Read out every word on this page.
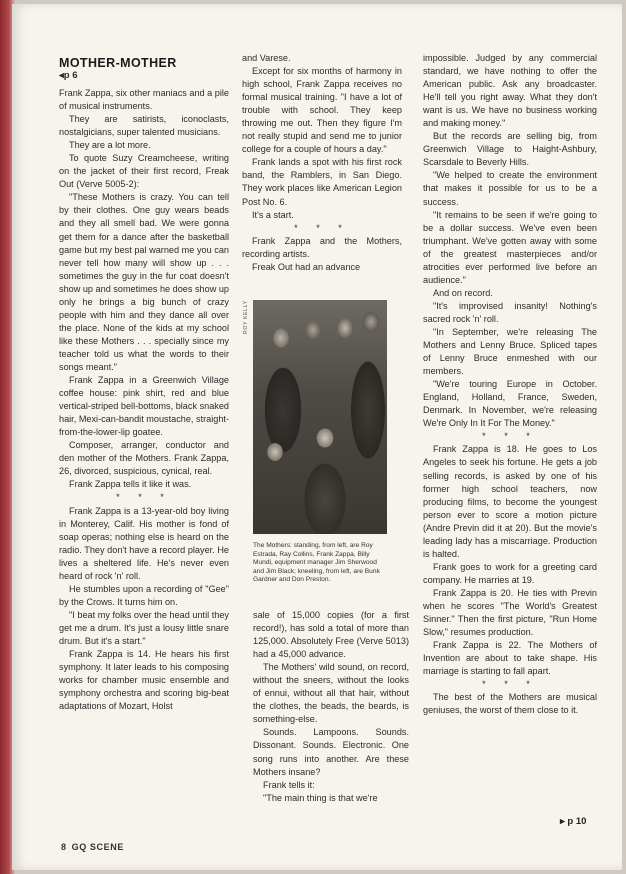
MOTHER-MOTHER

◂p 6

Frank Zappa, six other maniacs and a pile of musical instruments.

They are satirists, iconoclasts, nostalgicians, super talented musicians.

They are a lot more.

To quote Suzy Creamcheese, writing on the jacket of their first record, Freak Out (Verve 5005-2):

"These Mothers is crazy. You can tell by their clothes. One guy wears beads and they all smell bad. We were gonna get them for a dance after the basketball game but my best pal warned me you can never tell how many will show up . . . sometimes the guy in the fur coat doesn't show up and sometimes he does show up only he brings a big bunch of crazy people with him and they dance all over the place. None of the kids at my school like these Mothers . . . specially since my teacher told us what the words to their songs meant."

Frank Zappa in a Greenwich Village coffee house: pink shirt, red and blue vertical-striped bell-bottoms, black snaked hair, Mexi-can-bandit moustache, straight-from-the-lower-lip goatee.

Composer, arranger, conductor and den mother of the Mothers. Frank Zappa, 26, divorced, suspicious, cynical, real.

Frank Zappa tells it like it was.

* * *

Frank Zappa is a 13-year-old boy living in Monterey, Calif. His mother is fond of soap operas; nothing else is heard on the radio. They don't have a record player. He lives a sheltered life. He's never even heard of rock 'n' roll.

He stumbles upon a recording of "Gee" by the Crows. It turns him on.

"I beat my folks over the head until they get me a drum. It's just a lousy little snare drum. But it's a start."

Frank Zappa is 14. He hears his first symphony. It later leads to his composing works for chamber music ensemble and symphony orchestra and scoring big-beat adaptations of Mozart, Holst

and Varese.

Except for six months of harmony in high school, Frank Zappa receives no formal musical training. "I have a lot of trouble with school. They keep throwing me out. Then they figure I'm not really stupid and send me to junior college for a couple of hours a day."

Frank lands a spot with his first rock band, the Ramblers, in San Diego. They work places like American Legion Post No. 6.

It's a start.

* * *

Frank Zappa and the Mothers, recording artists.

Freak Out had an advance

ROY KELLY
The Mothers: standing, from left, are Roy Estrada, Ray Collins, Frank Zappa, Billy Mundi, equipment manager Jim Sherwood and Jim Black; kneeling, from left, are Bunk Gardner and Don Preston.

sale of 15,000 copies (for a first record!), has sold a total of more than 125,000. Absolutely Free (Verve 5013) had a 45,000 advance.

The Mothers' wild sound, on record, without the sneers, without the looks of ennui, without all that hair, without the clothes, the beads, the beards, is something-else.

Sounds. Lampoons. Sounds. Dissonant. Sounds. Electronic. One song runs into another. Are these Mothers insane?

Frank tells it:

"The main thing is that we're

impossible. Judged by any commercial standard, we have nothing to offer the American public. Ask any broadcaster. He'll tell you right away. What they don't want is us. We have no business working and making money."

But the records are selling big, from Greenwich Village to Haight-Ashbury, Scarsdale to Beverly Hills.

"We helped to create the environment that makes it possible for us to be a success.

"It remains to be seen if we're going to be a dollar success. We've even been triumphant. We've gotten away with some of the greatest masterpieces and/or atrocities ever performed live before an audience."

And on record.

"It's improvised insanity! Nothing's sacred rock 'n' roll.

"In September, we're releasing The Mothers and Lenny Bruce. Spliced tapes of Lenny Bruce enmeshed with our members.

"We're touring Europe in October. England, Holland, France, Sweden, Denmark. In November, we're releasing We're Only In It For The Money."

* * *

Frank Zappa is 18. He goes to Los Angeles to seek his fortune. He gets a job selling records, is asked by one of his former high school teachers, now producing films, to become the youngest person ever to score a motion picture (Andre Previn did it at 20). But the movie's leading lady has a miscarriage. Production is halted.

Frank goes to work for a greeting card company. He marries at 19.

Frank Zappa is 20. He ties with Previn when he scores "The World's Greatest Sinner." Then the first picture, "Run Home Slow," resumes production.

Frank Zappa is 22. The Mothers of Invention are about to take shape. His marriage is starting to fall apart.

* * *

The best of the Mothers are musical geniuses, the worst of them close to it.

▸ p 10
8 GQ SCENE
